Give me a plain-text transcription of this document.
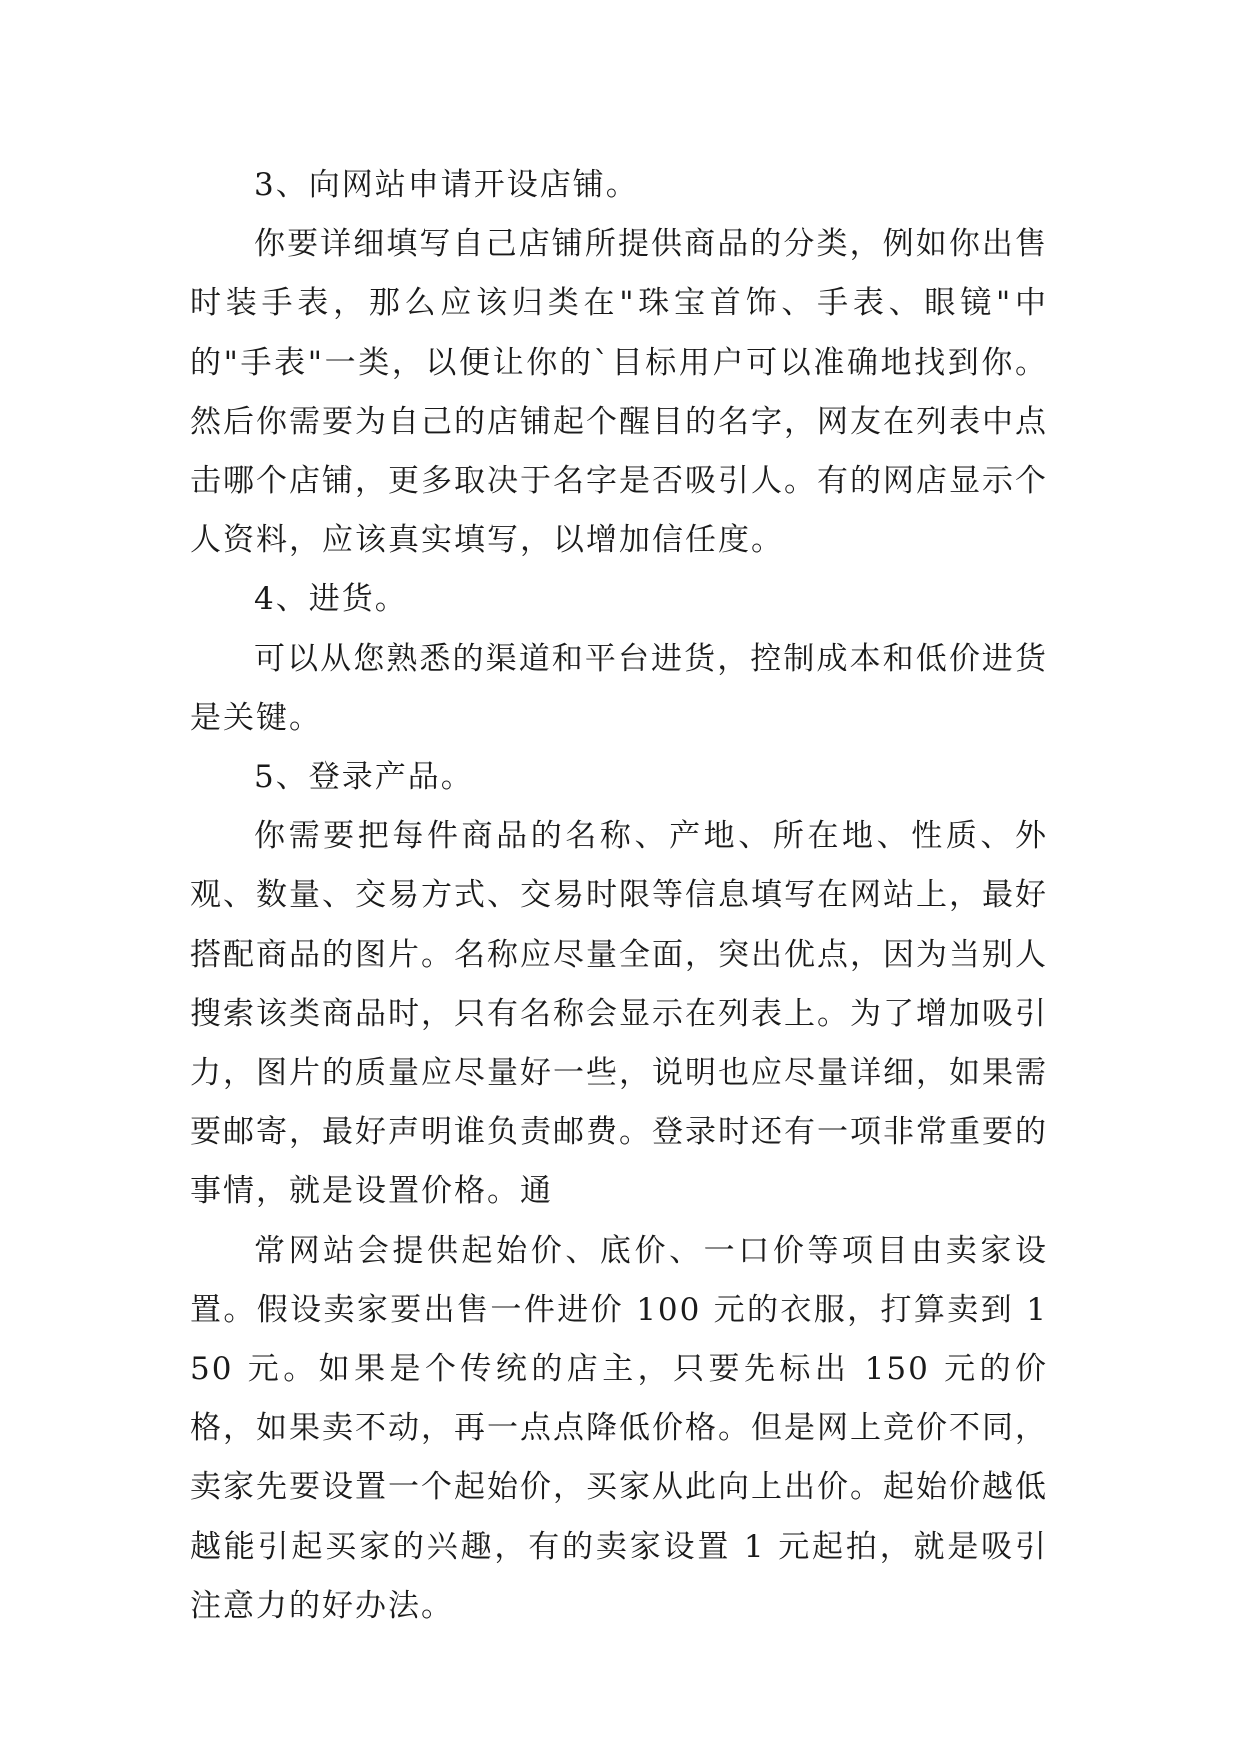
3、向网站申请开设店铺。

你要详细填写自己店铺所提供商品的分类，例如你出售时装手表，那么应该归类在"珠宝首饰、手表、眼镜"中的"手表"一类，以便让你的`目标用户可以准确地找到你。然后你需要为自己的店铺起个醒目的名字，网友在列表中点击哪个店铺，更多取决于名字是否吸引人。有的网店显示个人资料，应该真实填写，以增加信任度。

4、进货。

可以从您熟悉的渠道和平台进货，控制成本和低价进货是关键。

5、登录产品。

你需要把每件商品的名称、产地、所在地、性质、外观、数量、交易方式、交易时限等信息填写在网站上，最好搭配商品的图片。名称应尽量全面，突出优点，因为当别人搜索该类商品时，只有名称会显示在列表上。为了增加吸引力，图片的质量应尽量好一些，说明也应尽量详细，如果需要邮寄，最好声明谁负责邮费。登录时还有一项非常重要的事情，就是设置价格。通

常网站会提供起始价、底价、一口价等项目由卖家设置。假设卖家要出售一件进价 100 元的衣服，打算卖到 150 元。如果是个传统的店主，只要先标出 150 元的价格，如果卖不动，再一点点降低价格。但是网上竞价不同，卖家先要设置一个起始价，买家从此向上出价。起始价越低越能引起买家的兴趣，有的卖家设置 1 元起拍，就是吸引注意力的好办法。
